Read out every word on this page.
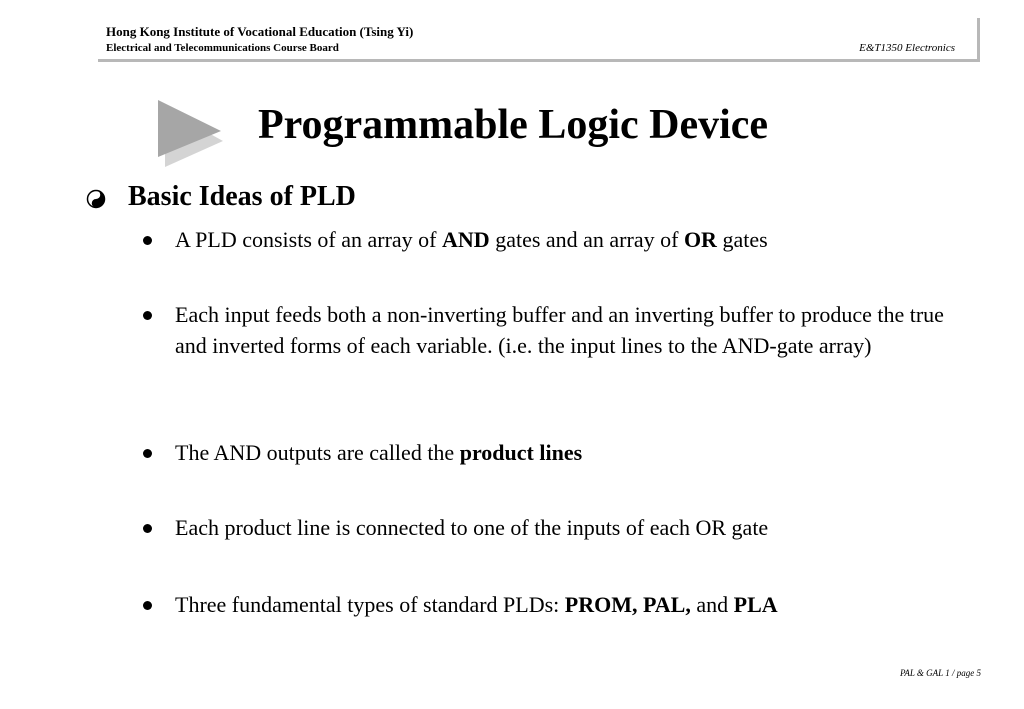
Hong Kong Institute of Vocational Education (Tsing Yi)
Electrical and Telecommunications Course Board	E&T1350 Electronics
Programmable Logic Device
Basic Ideas of PLD
A PLD consists of an array of AND gates and an array of OR gates
Each input feeds both a non-inverting buffer and an inverting buffer to produce the true and inverted forms of each variable. (i.e. the input lines to the AND-gate array)
The AND outputs are called the product lines
Each product line is connected to one of the inputs of each OR gate
Three fundamental types of standard PLDs: PROM, PAL, and PLA
PAL & GAL 1 / page 5
